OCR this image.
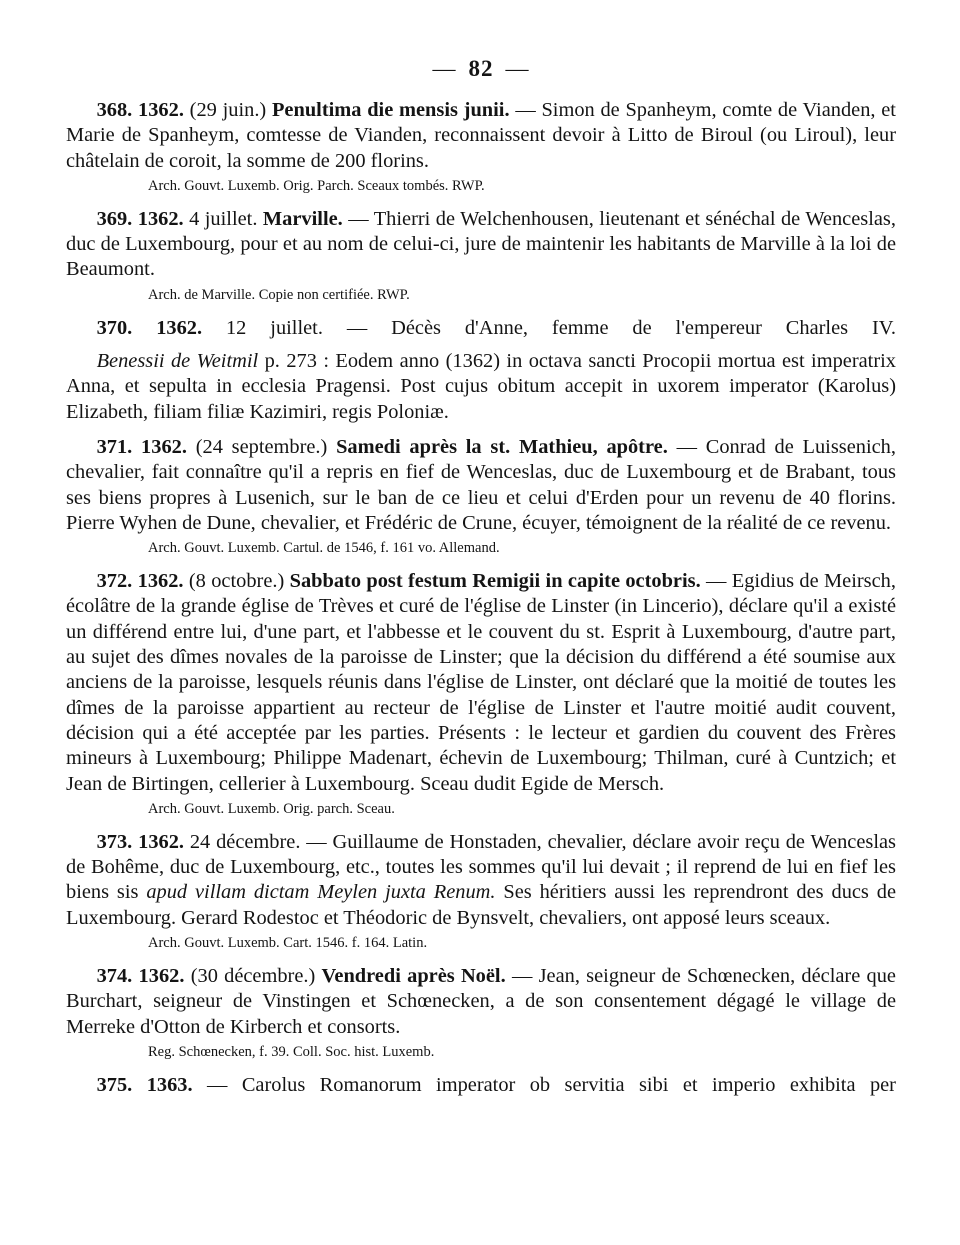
— 82 —

368. 1362. (29 juin.) Penultima die mensis junii. — Simon de Spanheym, comte de Vianden, et Marie de Spanheym, comtesse de Vianden, reconnaissent devoir à Litto de Biroul (ou Liroul), leur châtelain de coroit, la somme de 200 florins.

Arch. Gouvt. Luxemb. Orig. Parch. Sceaux tombés. RWP.

369. 1362. 4 juillet. Marville. — Thierri de Welchenhousen, lieutenant et sénéchal de Wenceslas, duc de Luxembourg, pour et au nom de celui-ci, jure de maintenir les habitants de Marville à la loi de Beaumont.

Arch. de Marville. Copie non certifiée. RWP.

370. 1362. 12 juillet. — Décès d'Anne, femme de l'empereur Charles IV.

Benessii de Weitmil p. 273 : Eodem anno (1362) in octava sancti Procopii mortua est imperatrix Anna, et sepulta in ecclesia Pragensi. Post cujus obitum accepit in uxorem imperator (Karolus) Elizabeth, filiam filiæ Kazimiri, regis Poloniæ.

371. 1362. (24 septembre.) Samedi après la st. Mathieu, apôtre. — Conrad de Luissenich, chevalier, fait connaître qu'il a repris en fief de Wenceslas, duc de Luxembourg et de Brabant, tous ses biens propres à Lusenich, sur le ban de ce lieu et celui d'Erden pour un revenu de 40 florins. Pierre Wyhen de Dune, chevalier, et Frédéric de Crune, écuyer, témoignent de la réalité de ce revenu.

Arch. Gouvt. Luxemb. Cartul. de 1546, f. 161 vo. Allemand.

372. 1362. (8 octobre.) Sabbato post festum Remigii in capite octobris. — Egidius de Meirsch, écolâtre de la grande église de Trèves et curé de l'église de Linster (in Lincerio), déclare qu'il a existé un différend entre lui, d'une part, et l'abbesse et le couvent du st. Esprit à Luxembourg, d'autre part, au sujet des dîmes novales de la paroisse de Linster; que la décision du différend a été soumise aux anciens de la paroisse, lesquels réunis dans l'église de Linster, ont déclaré que la moitié de toutes les dîmes de la paroisse appartient au recteur de l'église de Linster et l'autre moitié audit couvent, décision qui a été acceptée par les parties. Présents : le lecteur et gardien du couvent des Frères mineurs à Luxembourg; Philippe Madenart, échevin de Luxembourg; Thilman, curé à Cuntzich; et Jean de Birtingen, cellerier à Luxembourg. Sceau dudit Egide de Mersch.

Arch. Gouvt. Luxemb. Orig. parch. Sceau.

373. 1362. 24 décembre. — Guillaume de Honstaden, chevalier, déclare avoir reçu de Wenceslas de Bohême, duc de Luxembourg, etc., toutes les sommes qu'il lui devait ; il reprend de lui en fief les biens sis apud villam dictam Meylen juxta Renum. Ses héritiers aussi les reprendront des ducs de Luxembourg. Gerard Rodestoc et Théodoric de Bynsvelt, chevaliers, ont apposé leurs sceaux.

Arch. Gouvt. Luxemb. Cart. 1546. f. 164. Latin.

374. 1362. (30 décembre.) Vendredi après Noël. — Jean, seigneur de Schœnecken, déclare que Burchart, seigneur de Vinstingen et Schœnecken, a de son consentement dégagé le village de Merreke d'Otton de Kirberch et consorts.

Reg. Schœnecken, f. 39. Coll. Soc. hist. Luxemb.

375. 1363. — Carolus Romanorum imperator ob servitia sibi et imperio exhibita per
